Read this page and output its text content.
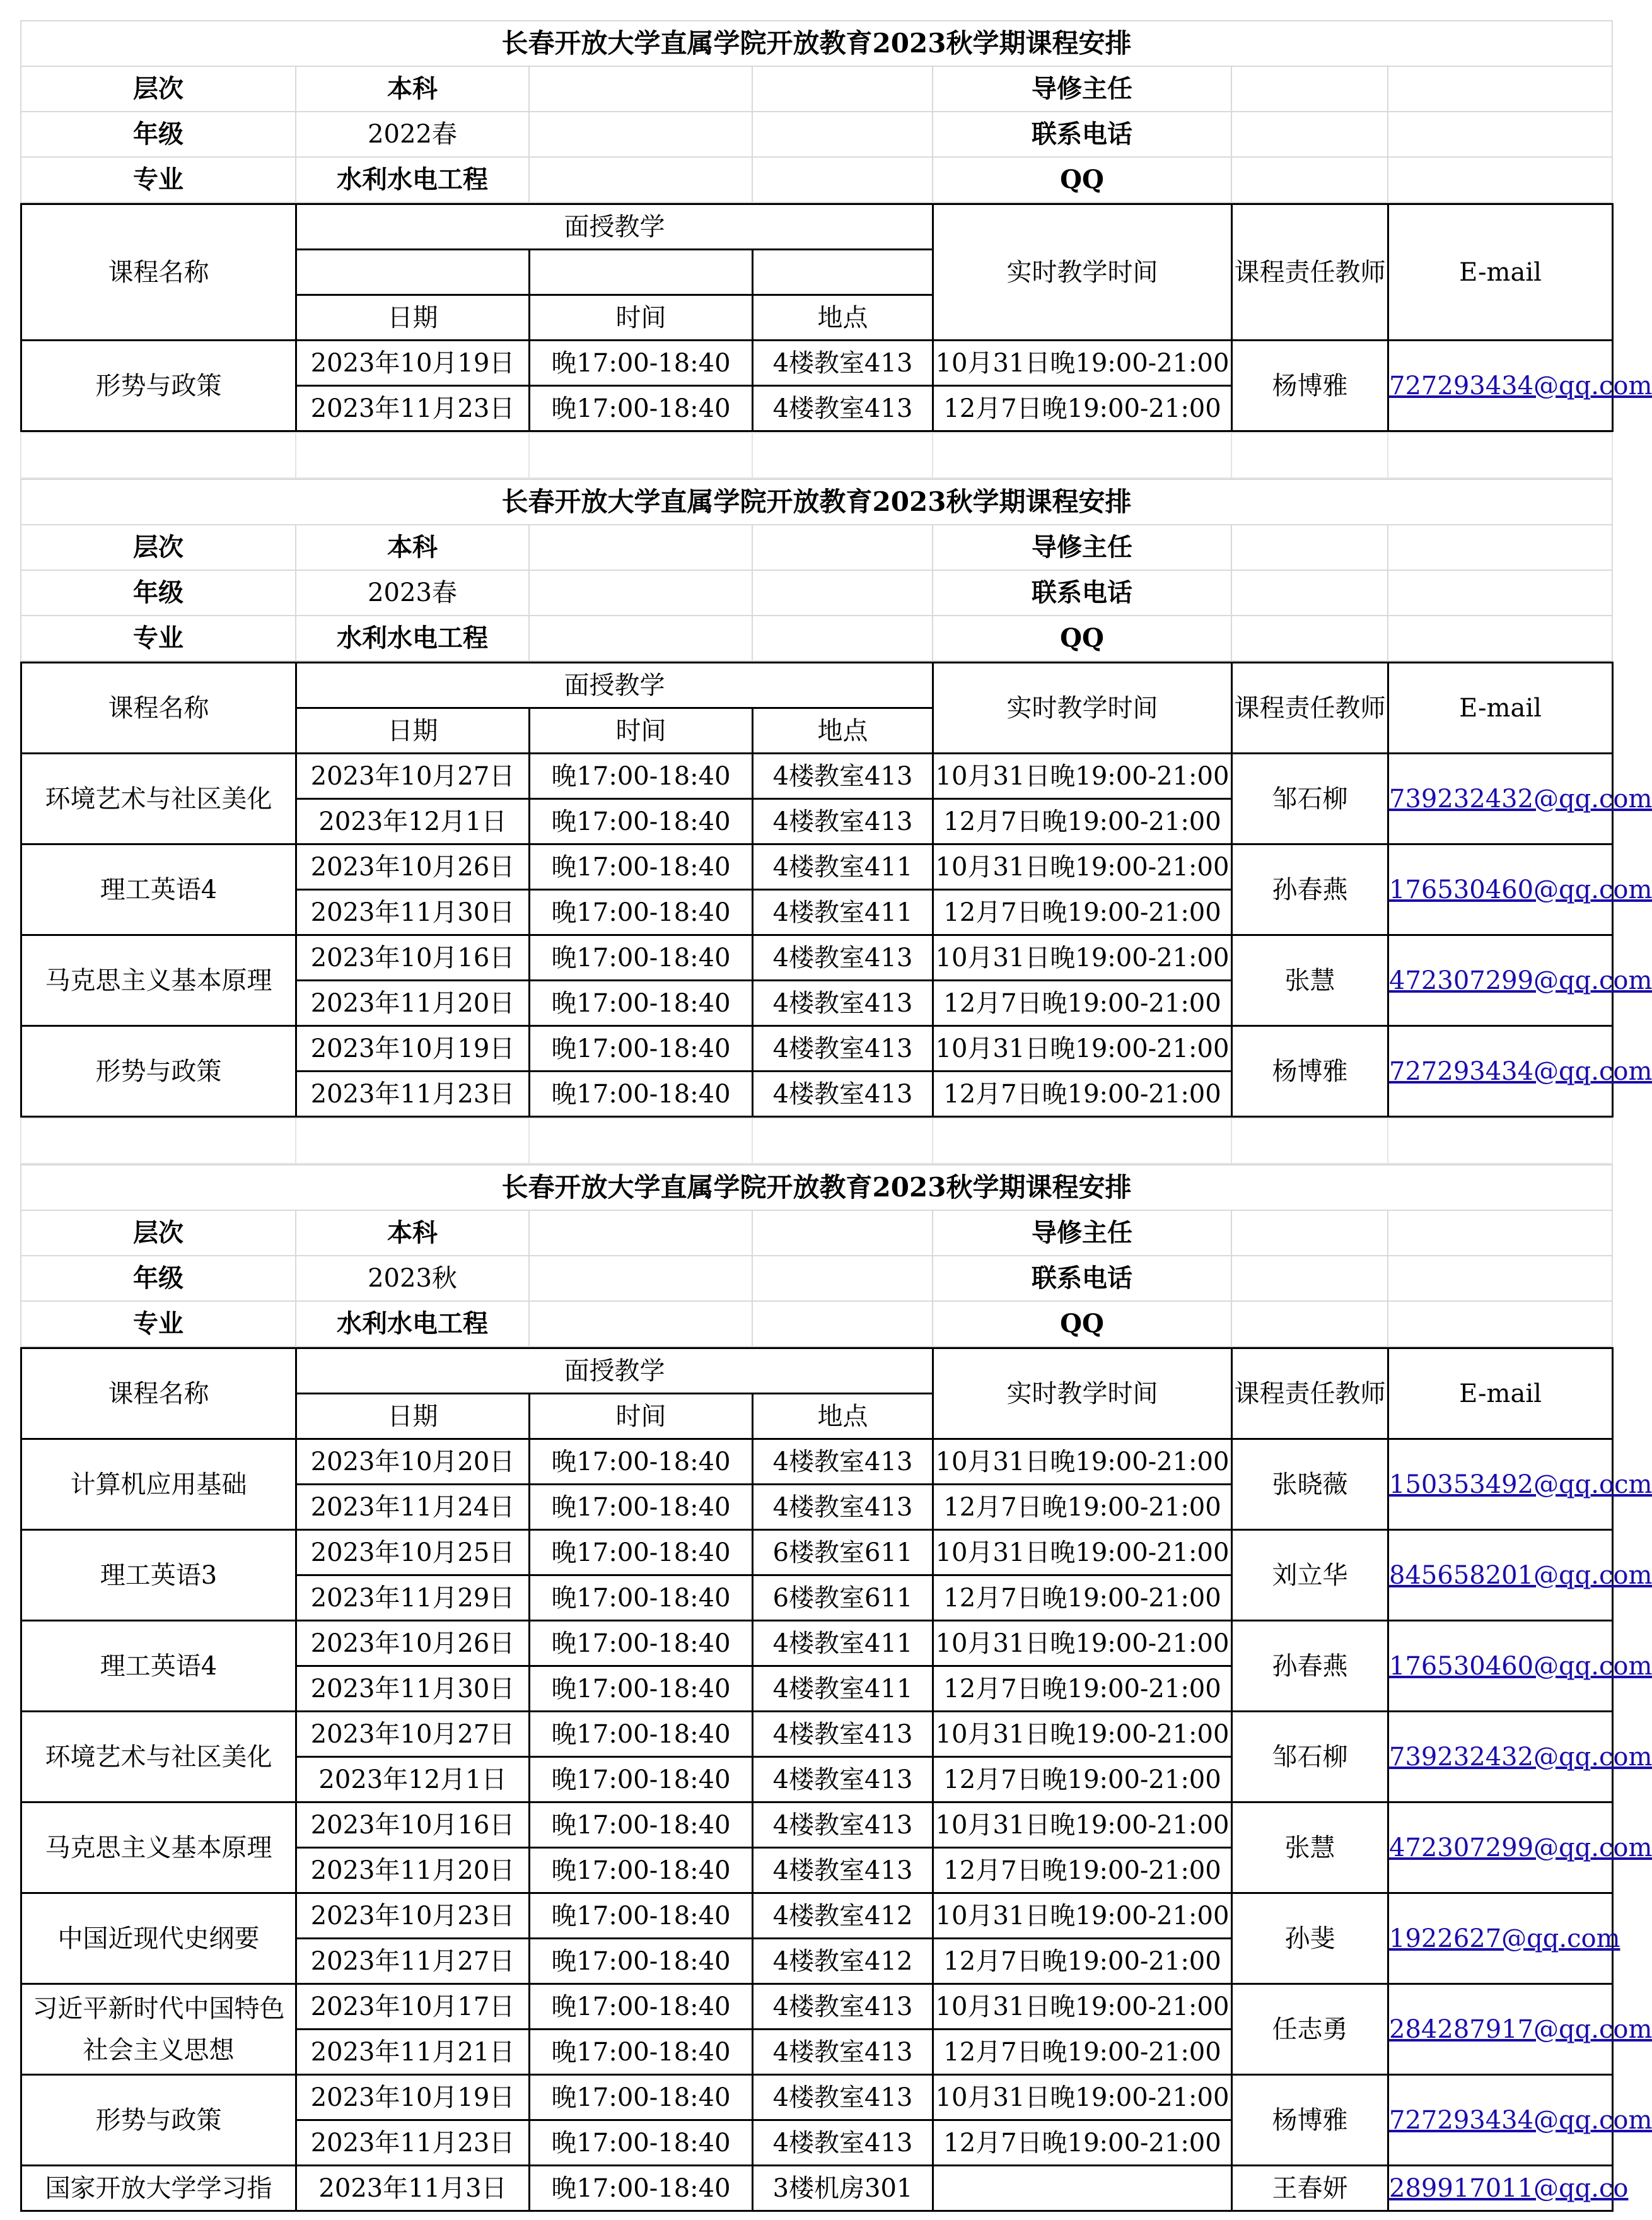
长春开放大学直属学院开放教育2023秋学期课程安排						
层次	本科			导修主任		
年级	2022春			联系电话		
专业	水利水电工程			QQ		
课程名称	面授教学			实时教学时间	课程责任教师	E-mail

	日期	时间	地点			
形势与政策	2023年10月19日	晚17:00-18:40	4楼教室413	10月31日晚19:00-21:00	杨博雅	727293434@qq.com
	2023年11月23日	晚17:00-18:40	4楼教室413	12月7日晚19:00-21:00		

长春开放大学直属学院开放教育2023秋学期课程安排						
层次	本科			导修主任		
年级	2023春			联系电话		
专业	水利水电工程			QQ		
课程名称	面授教学			实时教学时间	课程责任教师	E-mail
	日期	时间	地点			
环境艺术与社区美化	2023年10月27日	晚17:00-18:40	4楼教室413	10月31日晚19:00-21:00	邹石柳	739232432@qq.com
	2023年12月1日	晚17:00-18:40	4楼教室413	12月7日晚19:00-21:00		
理工英语4	2023年10月26日	晚17:00-18:40	4楼教室411	10月31日晚19:00-21:00	孙春燕	176530460@qq.com
	2023年11月30日	晚17:00-18:40	4楼教室411	12月7日晚19:00-21:00		
马克思主义基本原理	2023年10月16日	晚17:00-18:40	4楼教室413	10月31日晚19:00-21:00	张慧	472307299@qq.com
	2023年11月20日	晚17:00-18:40	4楼教室413	12月7日晚19:00-21:00		
形势与政策	2023年10月19日	晚17:00-18:40	4楼教室413	10月31日晚19:00-21:00	杨博雅	727293434@qq.com
	2023年11月23日	晚17:00-18:40	4楼教室413	12月7日晚19:00-21:00		

长春开放大学直属学院开放教育2023秋学期课程安排						
层次	本科			导修主任		
年级	2023秋			联系电话		
专业	水利水电工程			QQ		
课程名称	面授教学			实时教学时间	课程责任教师	E-mail
	日期	时间	地点			
计算机应用基础	2023年10月20日	晚17:00-18:40	4楼教室413	10月31日晚19:00-21:00	张晓薇	150353492@qq.ocm
	2023年11月24日	晚17:00-18:40	4楼教室413	12月7日晚19:00-21:00		
理工英语3	2023年10月25日	晚17:00-18:40	6楼教室611	10月31日晚19:00-21:00	刘立华	845658201@qq.com
	2023年11月29日	晚17:00-18:40	6楼教室611	12月7日晚19:00-21:00		
理工英语4	2023年10月26日	晚17:00-18:40	4楼教室411	10月31日晚19:00-21:00	孙春燕	176530460@qq.com
	2023年11月30日	晚17:00-18:40	4楼教室411	12月7日晚19:00-21:00		
环境艺术与社区美化	2023年10月27日	晚17:00-18:40	4楼教室413	10月31日晚19:00-21:00	邹石柳	739232432@qq.com
	2023年12月1日	晚17:00-18:40	4楼教室413	12月7日晚19:00-21:00		
马克思主义基本原理	2023年10月16日	晚17:00-18:40	4楼教室413	10月31日晚19:00-21:00	张慧	472307299@qq.com
	2023年11月20日	晚17:00-18:40	4楼教室413	12月7日晚19:00-21:00		
中国近现代史纲要	2023年10月23日	晚17:00-18:40	4楼教室412	10月31日晚19:00-21:00	孙斐	1922627@qq.com
	2023年11月27日	晚17:00-18:40	4楼教室412	12月7日晚19:00-21:00		
习近平新时代中国特色社会主义思想	2023年10月17日	晚17:00-18:40	4楼教室413	10月31日晚19:00-21:00	任志勇	284287917@qq.com
	2023年11月21日	晚17:00-18:40	4楼教室413	12月7日晚19:00-21:00		
形势与政策	2023年10月19日	晚17:00-18:40	4楼教室413	10月31日晚19:00-21:00	杨博雅	727293434@qq.com
	2023年11月23日	晚17:00-18:40	4楼教室413	12月7日晚19:00-21:00		
国家开放大学学习指	2023年11月3日	晚17:00-18:40	3楼机房301		王春妍	289917011@qq.co
